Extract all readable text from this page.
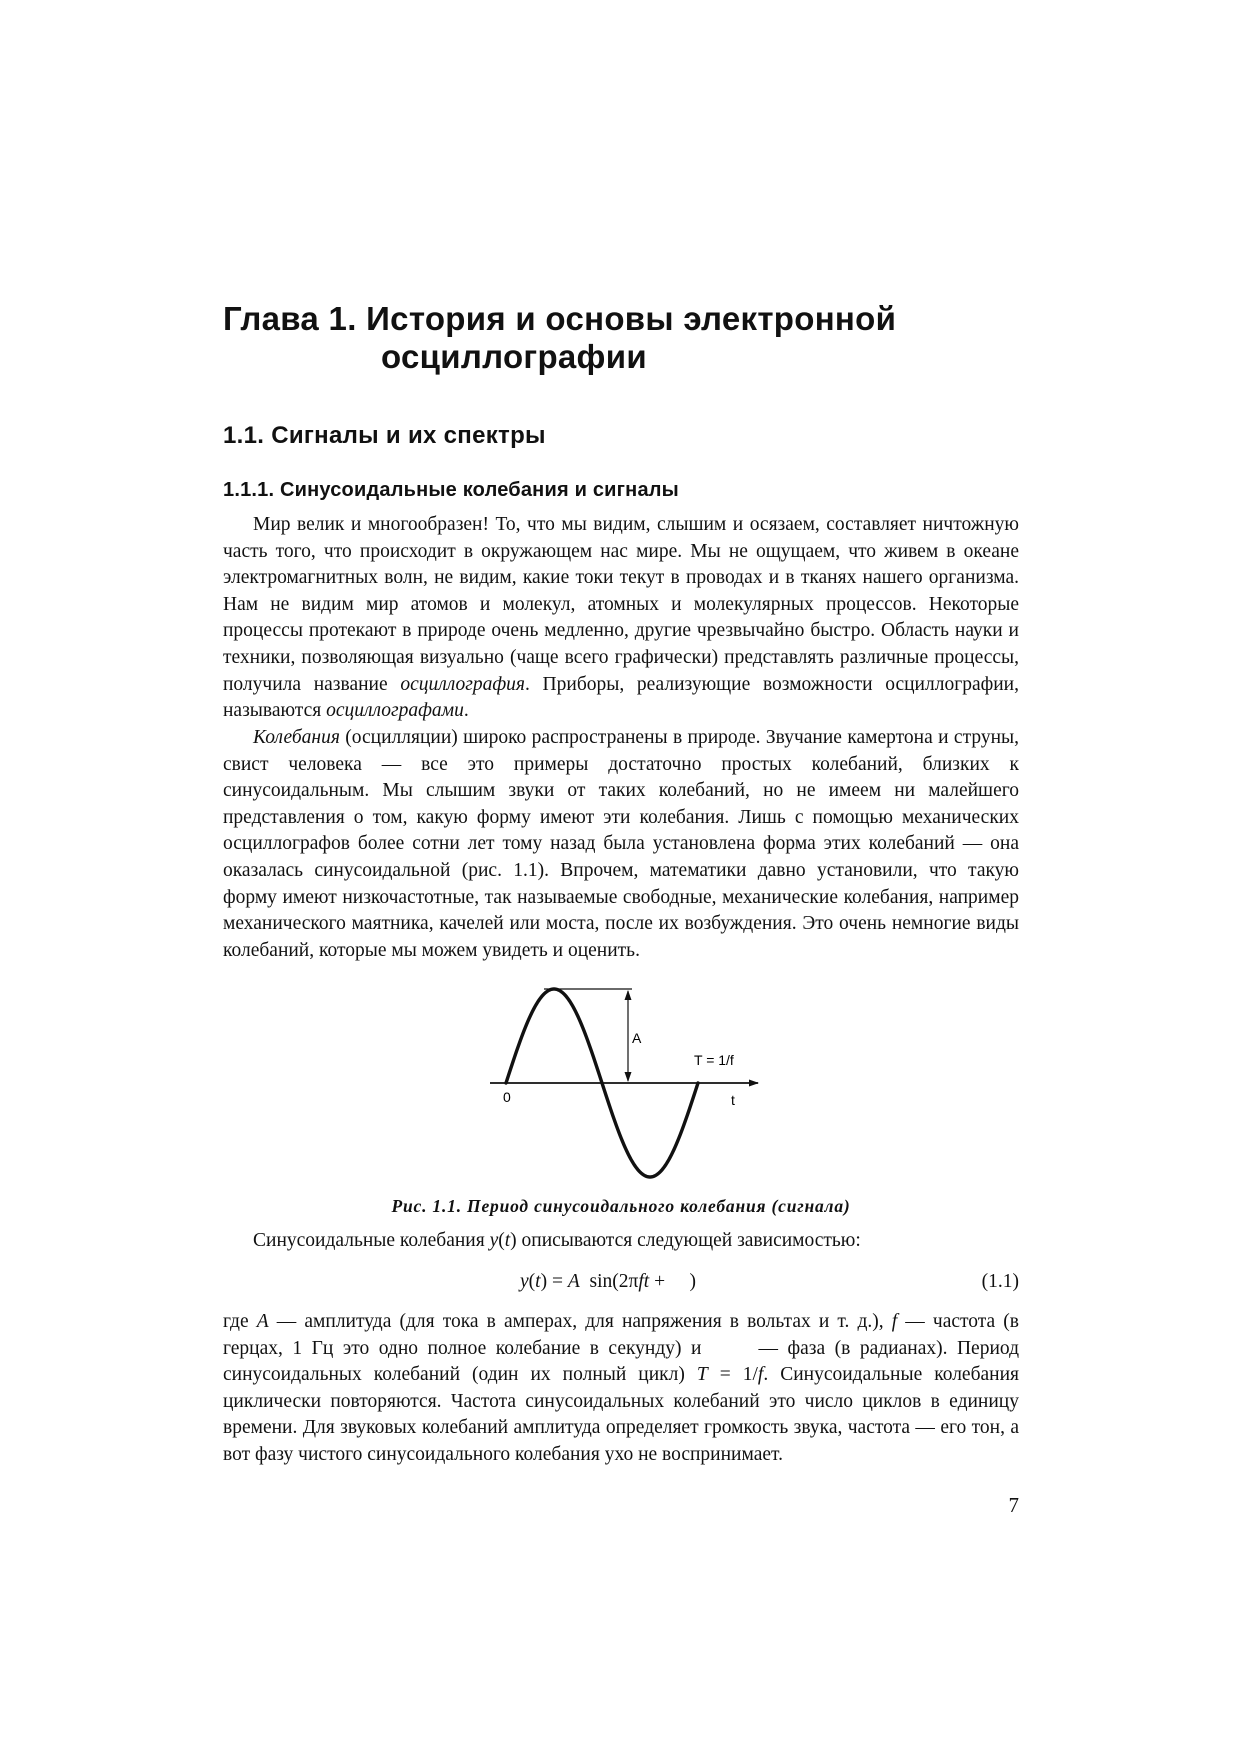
Глава 1. История и основы электронной
осциллографии
1.1. Сигналы и их спектры
1.1.1. Синусоидальные колебания и сигналы

Мир велик и многообразен! То, что мы видим, слышим и осязаем, составляет ничтожную часть того, что происходит в окружающем нас мире. Мы не ощущаем, что живем в океане электромагнитных волн, не видим, какие токи текут в проводах и в тканях нашего организма. Нам не видим мир атомов и молекул, атомных и молекулярных процессов. Некоторые процессы протекают в природе очень медленно, другие чрезвычайно быстро. Область науки и техники, позволяющая визуально (чаще всего графически) представлять различные процессы, получила название осциллография. Приборы, реализующие возможности осциллографии, называются осциллографами.

Колебания (осцилляции) широко распространены в природе. Звучание камертона и струны, свист человека — все это примеры достаточно простых колебаний, близких к синусоидальным. Мы слышим звуки от таких колебаний, но не имеем ни малейшего представления о том, какую форму имеют эти колебания. Лишь с помощью механических осциллографов более сотни лет тому назад была установлена форма этих колебаний — она оказалась синусоидальной (рис. 1.1). Впрочем, математики давно установили, что такую форму имеют низкочастотные, так называемые свободные, механические колебания, например механического маятника, качелей или моста, после их возбуждения. Это очень немногие виды колебаний, которые мы можем увидеть и оценить.

A
T = 1/f
0	t
Рис. 1.1. Период синусоидального колебания (сигнала)
Синусоидальные колебания y(t) описываются следующей зависимостью:
y(t) = A  sin(2πft +     )	(1.1)

где A — амплитуда (для тока в амперах, для напряжения в вольтах и т. д.), f — частота (в герцах, 1 Гц это одно полное колебание в секунду) и      — фаза (в радианах). Период синусоидальных колебаний (один их полный цикл) T = 1/f. Синусоидальные колебания циклически повторяются. Частота синусоидальных колебаний это число циклов в единицу времени. Для звуковых колебаний амплитуда определяет громкость звука, частота — его тон, а вот фазу чистого синусоидального колебания ухо не воспринимает.

7
